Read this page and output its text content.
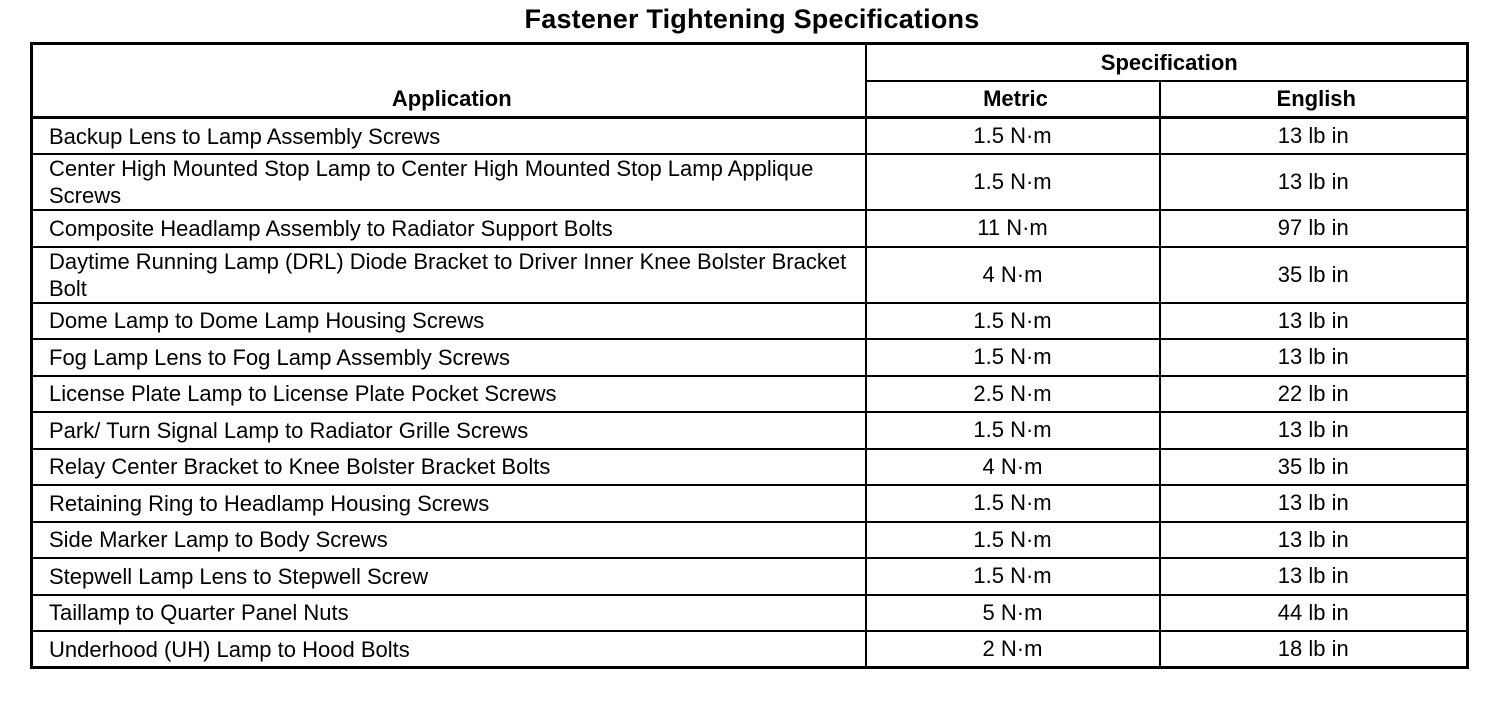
Fastener Tightening Specifications
Application	Specification	
	Metric	English
Backup Lens to Lamp Assembly Screws	1.5 N·m	13 lb in
Center High Mounted Stop Lamp to Center High Mounted Stop Lamp Applique Screws	1.5 N·m	13 lb in
Composite Headlamp Assembly to Radiator Support Bolts	11 N·m	97 lb in
Daytime Running Lamp (DRL) Diode Bracket to Driver Inner Knee Bolster Bracket Bolt	4 N·m	35 lb in
Dome Lamp to Dome Lamp Housing Screws	1.5 N·m	13 lb in
Fog Lamp Lens to Fog Lamp Assembly Screws	1.5 N·m	13 lb in
License Plate Lamp to License Plate Pocket Screws	2.5 N·m	22 lb in
Park/ Turn Signal Lamp to Radiator Grille Screws	1.5 N·m	13 lb in
Relay Center Bracket to Knee Bolster Bracket Bolts	4 N·m	35 lb in
Retaining Ring to Headlamp Housing Screws	1.5 N·m	13 lb in
Side Marker Lamp to Body Screws	1.5 N·m	13 lb in
Stepwell Lamp Lens to Stepwell Screw	1.5 N·m	13 lb in
Taillamp to Quarter Panel Nuts	5 N·m	44 lb in
Underhood (UH) Lamp to Hood Bolts	2 N·m	18 lb in
